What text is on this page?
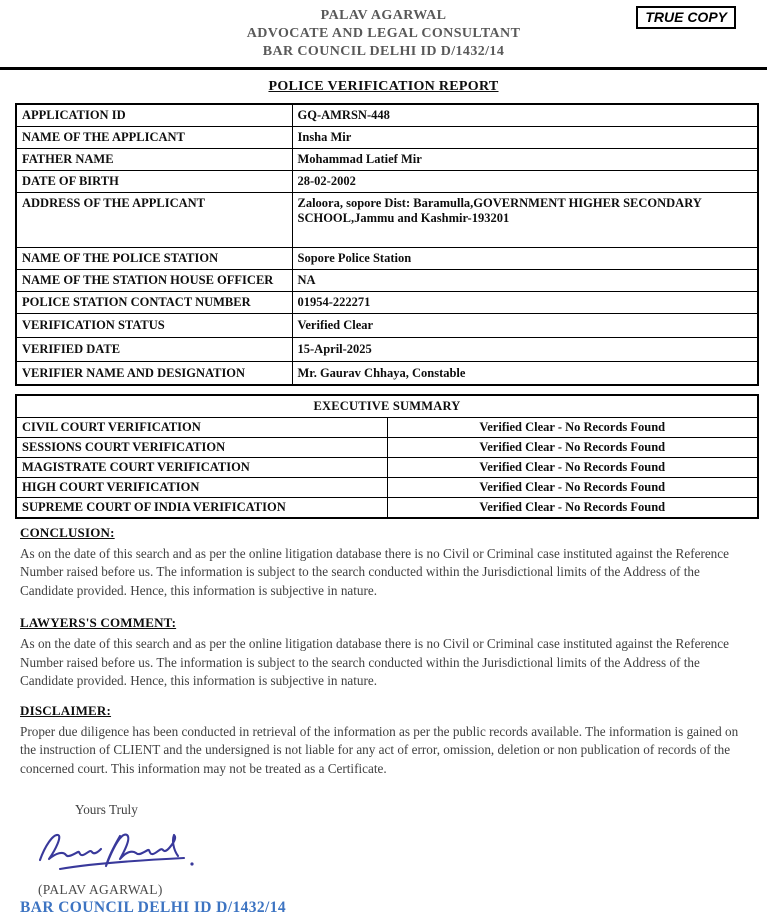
PALAV AGARWAL
ADVOCATE AND LEGAL CONSULTANT
BAR COUNCIL DELHI ID D/1432/14
TRUE COPY
POLICE VERIFICATION REPORT
APPLICATION ID	GQ-AMRSN-448
NAME OF THE APPLICANT	Insha Mir
FATHER NAME	Mohammad Latief Mir
DATE OF BIRTH	28-02-2002
ADDRESS OF THE APPLICANT	Zaloora, sopore Dist: Baramulla,GOVERNMENT HIGHER SECONDARY SCHOOL,Jammu and Kashmir-193201
NAME OF THE POLICE STATION	Sopore Police Station
NAME OF THE STATION HOUSE OFFICER	NA
POLICE STATION CONTACT NUMBER	01954-222271
VERIFICATION STATUS	Verified Clear
VERIFIED DATE	15-April-2025
VERIFIER NAME AND DESIGNATION	Mr. Gaurav Chhaya, Constable
EXECUTIVE SUMMARY	
CIVIL COURT VERIFICATION	Verified Clear - No Records Found
SESSIONS COURT VERIFICATION	Verified Clear - No Records Found
MAGISTRATE COURT VERIFICATION	Verified Clear - No Records Found
HIGH COURT VERIFICATION	Verified Clear - No Records Found
SUPREME COURT OF INDIA VERIFICATION	Verified Clear - No Records Found
CONCLUSION:

As on the date of this search and as per the online litigation database there is no Civil or Criminal case instituted against the Reference Number raised before us. The information is subject to the search conducted within the Jurisdictional limits of the Address of the Candidate provided. Hence, this information is subjective in nature.

LAWYERS'S COMMENT:

As on the date of this search and as per the online litigation database there is no Civil or Criminal case instituted against the Reference Number raised before us. The information is subject to the search conducted within the Jurisdictional limits of the Address of the Candidate provided. Hence, this information is subjective in nature.

DISCLAIMER:

Proper due diligence has been conducted in retrieval of the information as per the public records available. The information is gained on the instruction of CLIENT and the undersigned is not liable for any act of error, omission, deletion or non publication of records of the concerned court. This information may not be treated as a Certificate.

Yours Truly
(PALAV AGARWAL)
BAR COUNCIL DELHI ID D/1432/14
